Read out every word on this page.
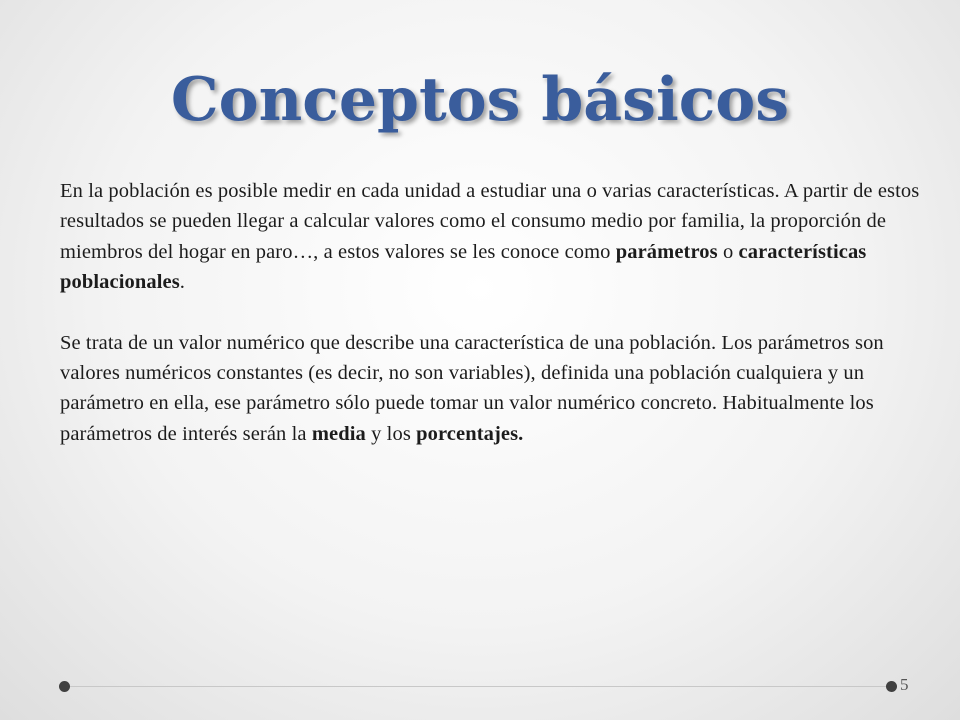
Conceptos básicos

En la población es posible medir en cada unidad a estudiar una o varias características. A partir de estos resultados se pueden llegar a calcular valores como el consumo medio por familia, la proporción de miembros del hogar en paro…, a estos valores se les conoce como parámetros o características poblacionales.

Se trata de un valor numérico que describe una característica de una población. Los parámetros son valores numéricos constantes (es decir, no son variables), definida una población cualquiera y un parámetro en ella, ese parámetro sólo puede tomar un valor numérico concreto. Habitualmente los parámetros de interés serán la media y los porcentajes.

5
